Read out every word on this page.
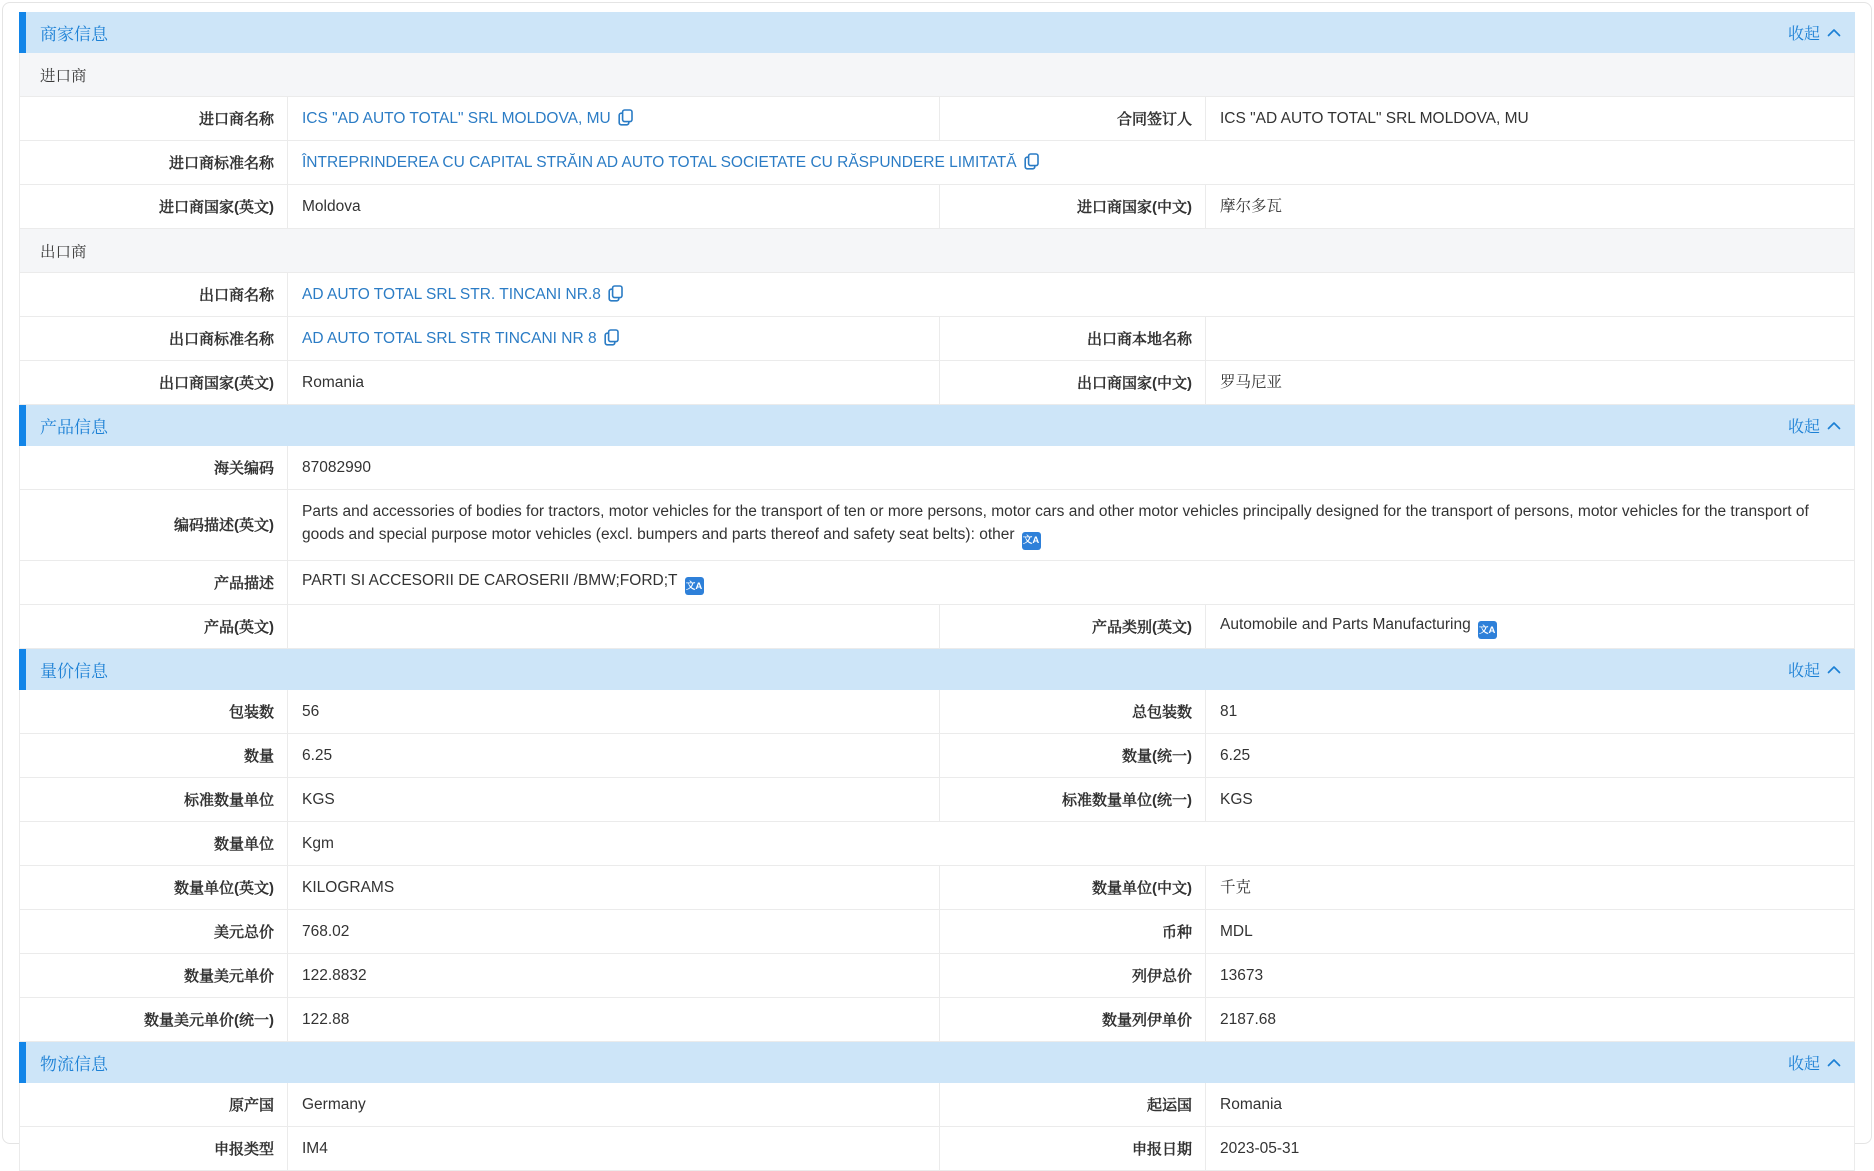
商家信息	收起
进口商
进口商名称 ICS "AD AUTO TOTAL" SRL MOLDOVA, MU	合同签订人 ICS "AD AUTO TOTAL" SRL MOLDOVA, MU
进口商标准名称 ÎNTREPRINDEREA CU CAPITAL STRĂIN AD AUTO TOTAL SOCIETATE CU RĂSPUNDERE LIMITATĂ
进口商国家(英文) Moldova	进口商国家(中文) 摩尔多瓦
出口商
出口商名称 AD AUTO TOTAL SRL STR. TINCANI NR.8
出口商标准名称 AD AUTO TOTAL SRL STR TINCANI NR 8	出口商本地名称
出口商国家(英文) Romania	出口商国家(中文) 罗马尼亚
产品信息	收起
海关编码 87082990
编码描述(英文)
Parts and accessories of bodies for tractors, motor vehicles for the transport of ten or more persons, motor cars and other motor vehicles principally designed for the transport of persons, motor vehicles for the transport of goods and special purpose motor vehicles (excl. bumpers and parts thereof and safety seat belts): other 文A
产品描述 PARTI SI ACCESORII DE CAROSERII /BMW;FORD;T 文A
产品(英文)	产品类别(英文) Automobile and Parts Manufacturing 文A
量价信息	收起
包装数 56	总包装数 81
数量 6.25	数量(统一) 6.25
标准数量单位 KGS	标准数量单位(统一) KGS
数量单位 Kgm
数量单位(英文) KILOGRAMS	数量单位(中文) 千克
美元总价 768.02	币种 MDL
数量美元单价 122.8832	列伊总价 13673
数量美元单价(统一) 122.88	数量列伊单价 2187.68
物流信息	收起
原产国 Germany	起运国 Romania
申报类型 IM4	申报日期 2023-05-31
